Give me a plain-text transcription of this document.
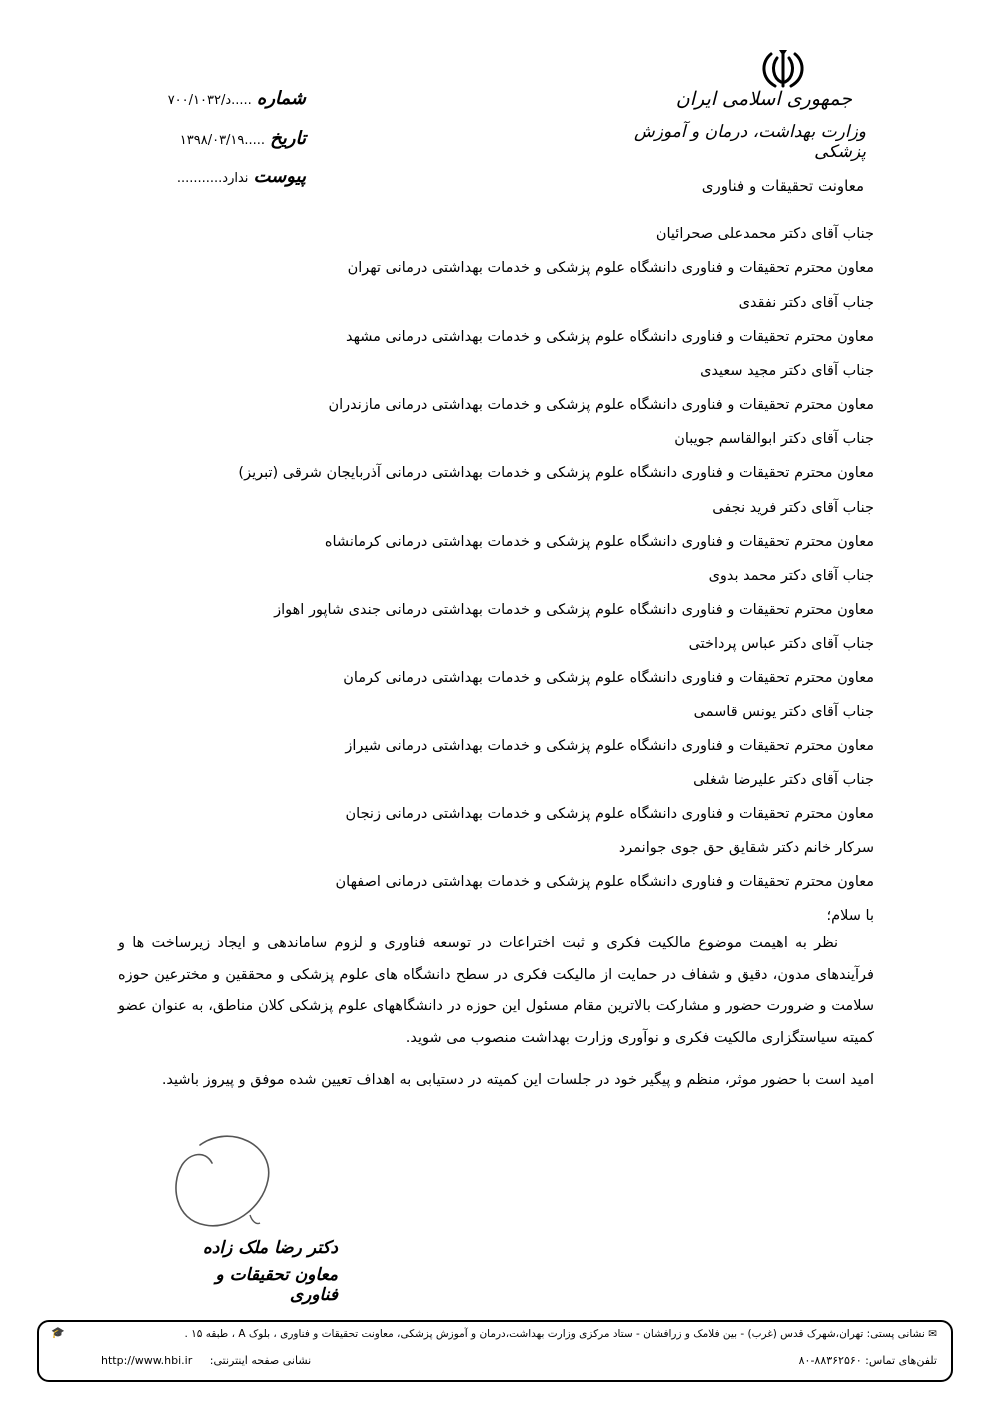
جمهوری اسلامی ایران
وزارت بهداشت، درمان و آموزش پزشکی
معاونت تحقیقات و فناوری
شماره .....د/۷۰۰/۱۰۳۲
تاریخ .....۱۳۹۸/۰۳/۱۹
پیوست ندارد...........
جناب آقای دکتر محمدعلی صحرائیان
معاون محترم تحقیقات و فناوری دانشگاه علوم پزشکی و خدمات بهداشتی درمانی تهران
جناب آقای دکتر نفقدی
معاون محترم تحقیقات و فناوری دانشگاه علوم پزشکی و خدمات بهداشتی درمانی مشهد
جناب آقای دکتر مجید سعیدی
معاون محترم تحقیقات و فناوری دانشگاه علوم پزشکی و خدمات بهداشتی درمانی مازندران
جناب آقای دکتر ابوالقاسم جویبان
معاون محترم تحقیقات و فناوری دانشگاه علوم پزشکی و خدمات بهداشتی درمانی آذربایجان شرقی (تبریز)
جناب آقای دکتر فرید نجفی
معاون محترم تحقیقات و فناوری دانشگاه علوم پزشکی و خدمات بهداشتی درمانی کرمانشاه
جناب آقای دکتر محمد بدوی
معاون محترم تحقیقات و فناوری دانشگاه علوم پزشکی و خدمات بهداشتی درمانی جندی شاپور اهواز
جناب آقای دکتر عباس پرداختی
معاون محترم تحقیقات و فناوری دانشگاه علوم پزشکی و خدمات بهداشتی درمانی کرمان
جناب آقای دکتر یونس قاسمی
معاون محترم تحقیقات و فناوری دانشگاه علوم پزشکی و خدمات بهداشتی درمانی شیراز
جناب آقای دکتر علیرضا شغلی
معاون محترم تحقیقات و فناوری دانشگاه علوم پزشکی و خدمات بهداشتی درمانی زنجان
سرکار خانم دکتر شقایق حق جوی جوانمرد
معاون محترم تحقیقات و فناوری دانشگاه علوم پزشکی و خدمات بهداشتی درمانی اصفهان
با سلام؛
نظر به اهیمت موضوع مالکیت فکری و ثبت اختراعات در توسعه فناوری و لزوم ساماندهی و ایجاد زیرساخت ها و فرآیندهای مدون، دقیق و شفاف در حمایت از مالیکت فکری در سطح دانشگاه های علوم پزشکی و محققین و مخترعین حوزه سلامت و ضرورت حضور و مشارکت بالاترین مقام مسئول این حوزه در دانشگاههای علوم پزشکی کلان مناطق، به عنوان عضو کمیته سیاستگزاری مالکیت فکری و نوآوری وزارت بهداشت منصوب می شوید.
امید است با حضور موثر، منظم و پیگیر خود در جلسات این کمیته در دستیابی به اهداف تعیین شده موفق و پیروز باشید.
دکتر رضا ملک زاده
معاون تحقیقات و فناوری
✉ نشانی پستی: تهران،شهرک قدس (غرب) - بین فلامک و زرافشان - ستاد مرکزی وزارت بهداشت،درمان و آموزش پزشکی، معاونت تحقیقات و فناوری ، بلوک A ، طبقه ۱۵ .
🎓
تلفن‌های تماس: ۸۸۳۶۲۵۶۰-۸۰
http://www.hbi.ir نشانی صفحه اینترنتی:
